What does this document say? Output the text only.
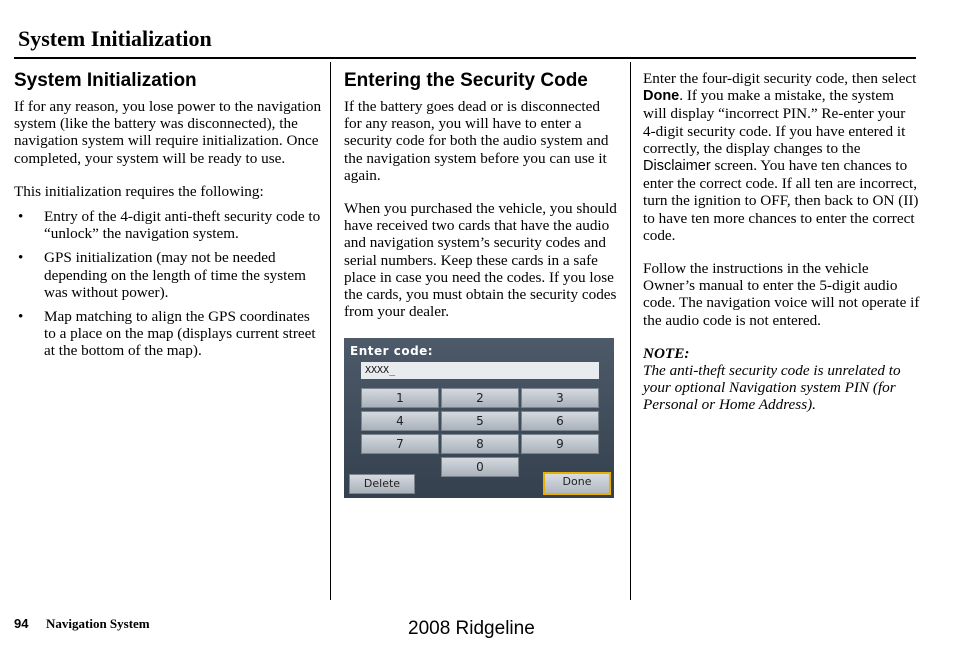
System Initialization
System Initialization

If for any reason, you lose power to the navigation system (like the battery was disconnected), the navigation system will require initialization. Once completed, your system will be ready to use.

This initialization requires the following:

• Entry of the 4-digit anti-theft security code to “unlock” the navigation system.
• GPS initialization (may not be needed depending on the length of time the system was without power).
• Map matching to align the GPS coordinates to a place on the map (displays current street at the bottom of the map).
Entering the Security Code

If the battery goes dead or is disconnected for any reason, you will have to enter a security code for both the audio system and the navigation system before you can use it again.

When you purchased the vehicle, you should have received two cards that have the audio and navigation system’s security codes and serial numbers. Keep these cards in a safe place in case you need the codes. If you lose the cards, you must obtain the security codes from your dealer.

Enter code:
XXXX_
1	2	3
4	5	6
7	8	9
0
Delete	Done

Enter the four-digit security code, then select Done. If you make a mistake, the system will display “incorrect PIN.” Re-enter your 4-digit security code. If you have entered it correctly, the display changes to the Disclaimer screen. You have ten chances to enter the correct code. If all ten are incorrect, turn the ignition to OFF, then back to ON (II) to have ten more chances to enter the correct code.

Follow the instructions in the vehicle Owner’s manual to enter the 5-digit audio code. The navigation voice will not operate if the audio code is not entered.

NOTE:
The anti-theft security code is unrelated to your optional Navigation system PIN (for Personal or Home Address).

94 Navigation System	2008 Ridgeline
